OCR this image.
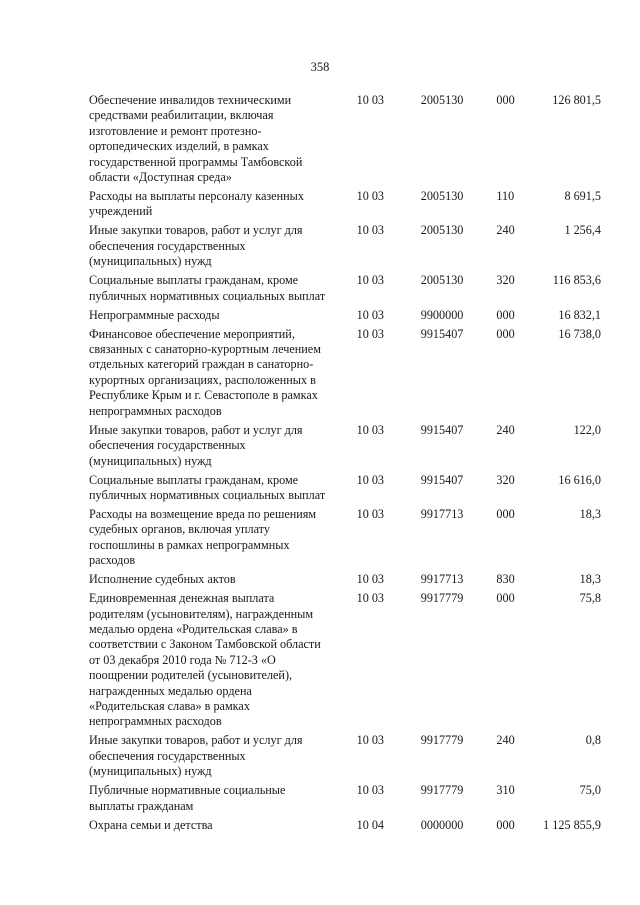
358
Обеспечение инвалидов техническими
средствами реабилитации, включая
изготовление и ремонт протезно-
ортопедических изделий, в рамках
государственной программы Тамбовской
области «Доступная среда»
10 03	2005130	000	126 801,5
Расходы на выплаты персоналу казенных
учреждений
10 03	2005130	110	8 691,5
Иные закупки товаров, работ и услуг для
обеспечения государственных
(муниципальных) нужд
10 03	2005130	240	1 256,4
Социальные выплаты гражданам, кроме
публичных нормативных социальных выплат
10 03	2005130	320	116 853,6
Непрограммные расходы	10 03	9900000	000	16 832,1
Финансовое обеспечение мероприятий,
связанных с санаторно-курортным лечением
отдельных категорий граждан в санаторно-
курортных организациях, расположенных в
Республике Крым и г. Севастополе в рамках
непрограммных расходов
10 03	9915407	000	16 738,0
Иные закупки товаров, работ и услуг для
обеспечения государственных
(муниципальных) нужд
10 03	9915407	240	122,0
Социальные выплаты гражданам, кроме
публичных нормативных социальных выплат
10 03	9915407	320	16 616,0
Расходы на возмещение вреда по решениям
судебных органов, включая уплату
госпошлины в рамках непрограммных
расходов
10 03	9917713	000	18,3
Исполнение судебных актов	10 03	9917713	830	18,3
Единовременная денежная выплата
родителям (усыновителям), награжденным
медалью ордена «Родительская слава» в
соответствии с Законом Тамбовской области
от 03 декабря 2010 года № 712-З «О
поощрении родителей (усыновителей),
награжденных медалью ордена
«Родительская слава» в рамках
непрограммных расходов
10 03	9917779	000	75,8
Иные закупки товаров, работ и услуг для
обеспечения государственных
(муниципальных) нужд
10 03	9917779	240	0,8
Публичные нормативные социальные
выплаты гражданам
10 03	9917779	310	75,0
Охрана семьи и детства	10 04	0000000	000	1 125 855,9
